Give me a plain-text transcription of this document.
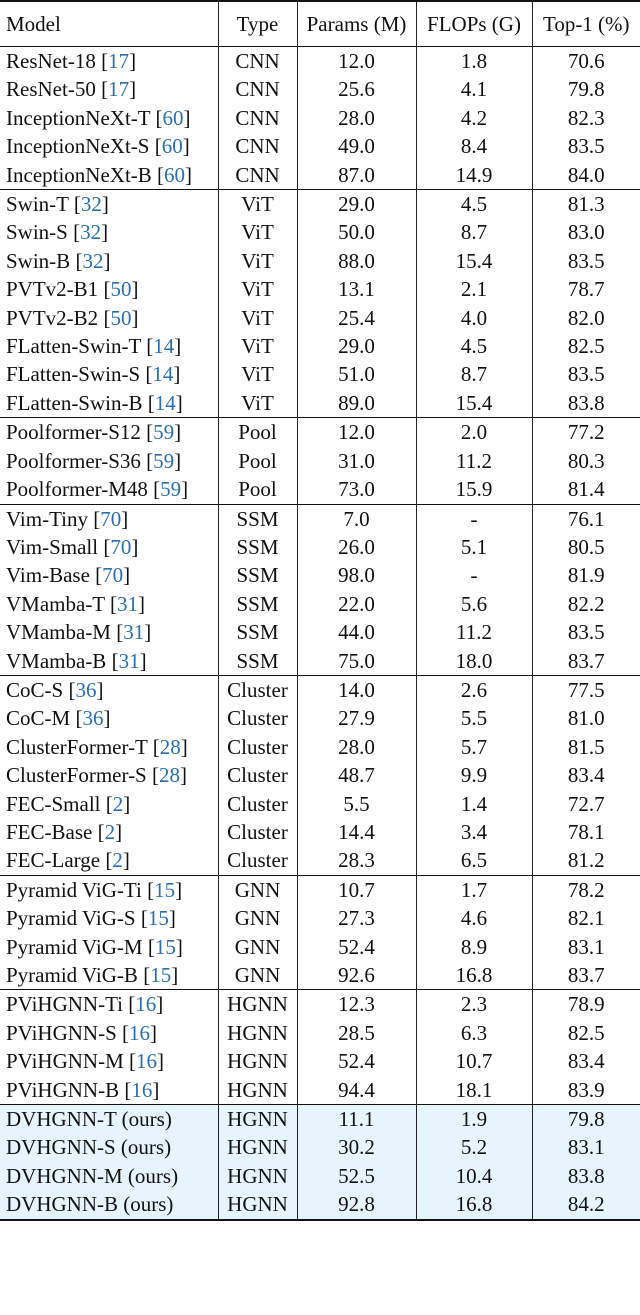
Model	Type	Params (M)	FLOPs (G)	Top-1 (%)
ResNet-18 [17]	CNN	12.0	1.8	70.6
ResNet-50 [17]	CNN	25.6	4.1	79.8
InceptionNeXt-T [60]	CNN	28.0	4.2	82.3
InceptionNeXt-S [60]	CNN	49.0	8.4	83.5
InceptionNeXt-B [60]	CNN	87.0	14.9	84.0
Swin-T [32]	ViT	29.0	4.5	81.3
Swin-S [32]	ViT	50.0	8.7	83.0
Swin-B [32]	ViT	88.0	15.4	83.5
PVTv2-B1 [50]	ViT	13.1	2.1	78.7
PVTv2-B2 [50]	ViT	25.4	4.0	82.0
FLatten-Swin-T [14]	ViT	29.0	4.5	82.5
FLatten-Swin-S [14]	ViT	51.0	8.7	83.5
FLatten-Swin-B [14]	ViT	89.0	15.4	83.8
Poolformer-S12 [59]	Pool	12.0	2.0	77.2
Poolformer-S36 [59]	Pool	31.0	11.2	80.3
Poolformer-M48 [59]	Pool	73.0	15.9	81.4
Vim-Tiny [70]	SSM	7.0	-	76.1
Vim-Small [70]	SSM	26.0	5.1	80.5
Vim-Base [70]	SSM	98.0	-	81.9
VMamba-T [31]	SSM	22.0	5.6	82.2
VMamba-M [31]	SSM	44.0	11.2	83.5
VMamba-B [31]	SSM	75.0	18.0	83.7
CoC-S [36]	Cluster	14.0	2.6	77.5
CoC-M [36]	Cluster	27.9	5.5	81.0
ClusterFormer-T [28]	Cluster	28.0	5.7	81.5
ClusterFormer-S [28]	Cluster	48.7	9.9	83.4
FEC-Small [2]	Cluster	5.5	1.4	72.7
FEC-Base [2]	Cluster	14.4	3.4	78.1
FEC-Large [2]	Cluster	28.3	6.5	81.2
Pyramid ViG-Ti [15]	GNN	10.7	1.7	78.2
Pyramid ViG-S [15]	GNN	27.3	4.6	82.1
Pyramid ViG-M [15]	GNN	52.4	8.9	83.1
Pyramid ViG-B [15]	GNN	92.6	16.8	83.7
PViHGNN-Ti [16]	HGNN	12.3	2.3	78.9
PViHGNN-S [16]	HGNN	28.5	6.3	82.5
PViHGNN-M [16]	HGNN	52.4	10.7	83.4
PViHGNN-B [16]	HGNN	94.4	18.1	83.9
DVHGNN-T (ours)	HGNN	11.1	1.9	79.8
DVHGNN-S (ours)	HGNN	30.2	5.2	83.1
DVHGNN-M (ours)	HGNN	52.5	10.4	83.8
DVHGNN-B (ours)	HGNN	92.8	16.8	84.2
